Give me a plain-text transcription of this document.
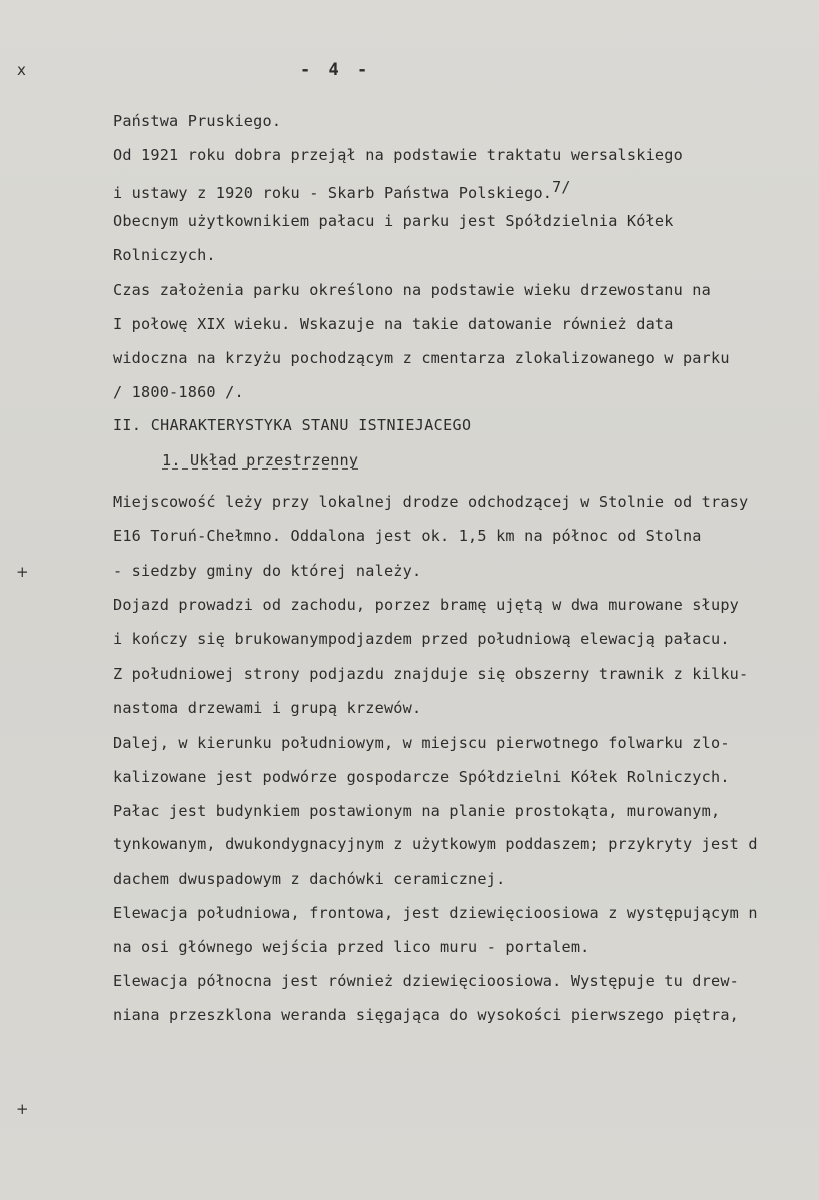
x
+
+
- 4 -
Państwa Pruskiego.
Od 1921 roku dobra przejął na podstawie traktatu wersalskiego
i ustawy z 1920 roku - Skarb Państwa Polskiego.7/
Obecnym użytkownikiem pałacu i parku jest Spółdzielnia Kółek
Rolniczych.
Czas założenia parku określono na podstawie wieku drzewostanu na
I połowę XIX wieku. Wskazuje na takie datowanie również data
widoczna na krzyżu pochodzącym z cmentarza zlokalizowanego w parku
/ 1800-1860 /.
II. CHARAKTERYSTYKA STANU ISTNIEJACEGO
1. Układ przestrzenny
Miejscowość leży przy lokalnej drodze odchodzącej w Stolnie od trasy
E16 Toruń-Chełmno. Oddalona jest ok. 1,5 km na północ od Stolna
- siedzby gminy do której należy.
Dojazd prowadzi od zachodu, porzez bramę ujętą w dwa murowane słupy
i kończy się brukowanympodjazdem przed południową elewacją pałacu.
Z południowej strony podjazdu znajduje się obszerny trawnik z kilku-
nastoma drzewami i grupą krzewów.
Dalej, w kierunku południowym, w miejscu pierwotnego folwarku zlo-
kalizowane jest podwórze gospodarcze Spółdzielni Kółek Rolniczych.
Pałac jest budynkiem postawionym na planie prostokąta, murowanym,
tynkowanym, dwukondygnacyjnym z użytkowym poddaszem; przykryty jest d
dachem dwuspadowym z dachówki ceramicznej.
Elewacja południowa, frontowa, jest dziewięcioosiowa z występującym n
na osi głównego wejścia przed lico muru - portalem.
Elewacja północna jest również dziewięcioosiowa. Występuje tu drew-
niana przeszklona weranda sięgająca do wysokości pierwszego piętra,
